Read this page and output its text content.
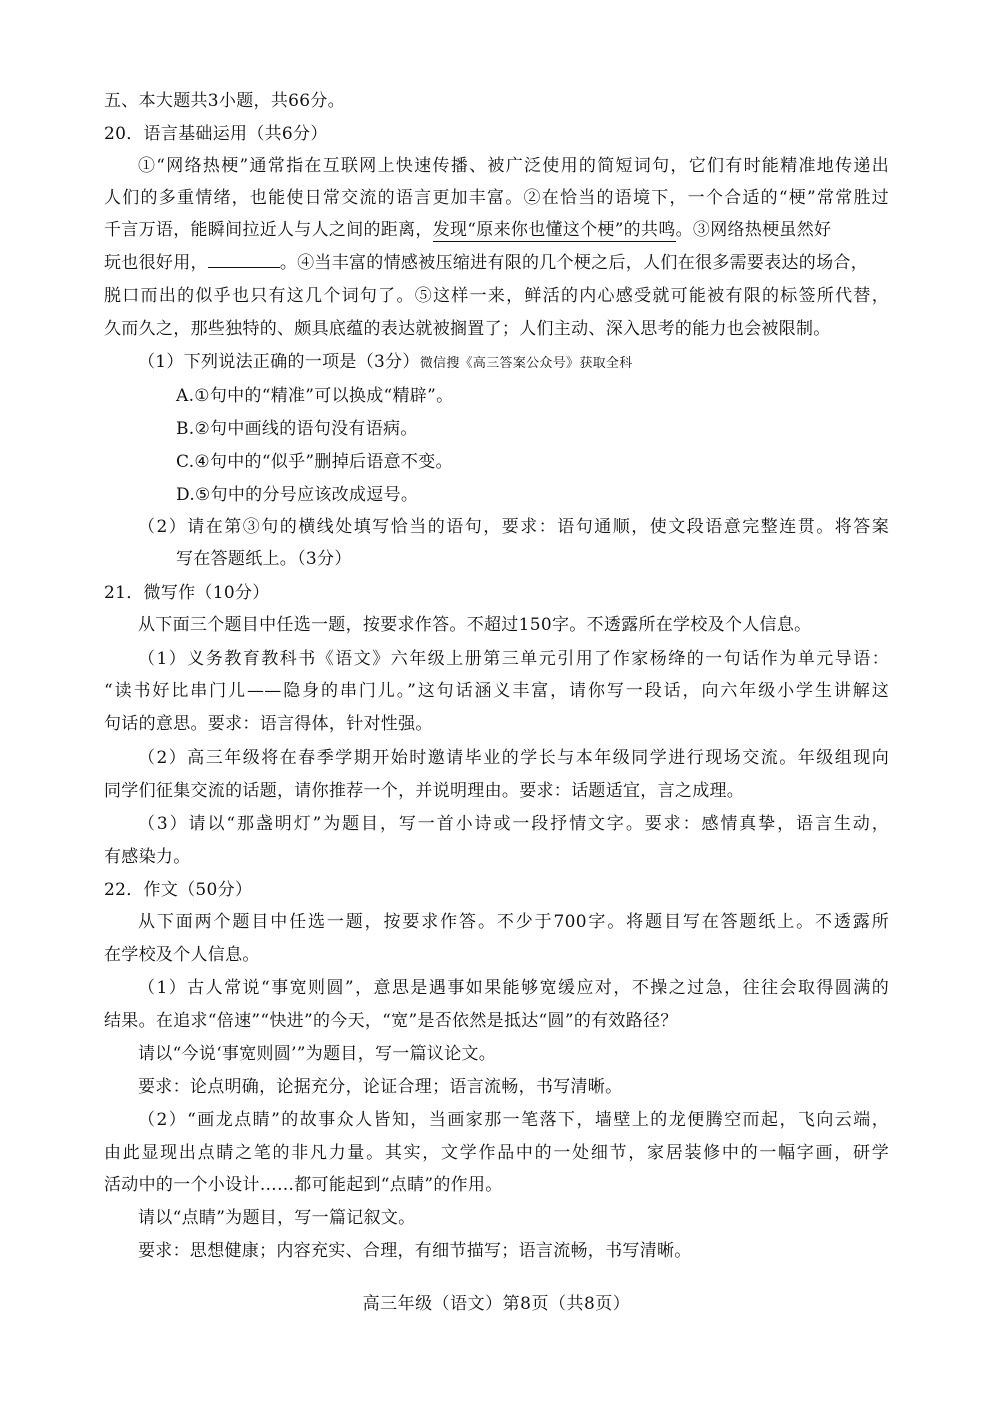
五、本大题共3小题，共66分。
20．语言基础运用（共6分）
①“网络热梗”通常指在互联网上快速传播、被广泛使用的简短词句，它们有时能精准地传递出
人们的多重情绪，也能使日常交流的语言更加丰富。②在恰当的语境下，一个合适的“梗”常常胜过
千言万语，能瞬间拉近人与人之间的距离，发现“原来你也懂这个梗”的共鸣。③网络热梗虽然好
玩也很好用，	。④当丰富的情感被压缩进有限的几个梗之后，人们在很多需要表达的场合，
脱口而出的似乎也只有这几个词句了。⑤这样一来，鲜活的内心感受就可能被有限的标签所代替，
久而久之，那些独特的、颇具底蕴的表达就被搁置了；人们主动、深入思考的能力也会被限制。
（1）下列说法正确的一项是（3分）微信搜《高三答案公众号》获取全科
A.①句中的“精准”可以换成“精辟”。
B.②句中画线的语句没有语病。
C.④句中的“似乎”删掉后语意不变。
D.⑤句中的分号应该改成逗号。
（2）请在第③句的横线处填写恰当的语句，要求：语句通顺，使文段语意完整连贯。将答案
写在答题纸上。（3分）
21．微写作（10分）
从下面三个题目中任选一题，按要求作答。不超过150字。不透露所在学校及个人信息。
（1）义务教育教科书《语文》六年级上册第三单元引用了作家杨绛的一句话作为单元导语：
“读书好比串门儿——隐身的串门儿。”这句话涵义丰富，请你写一段话，向六年级小学生讲解这
句话的意思。要求：语言得体，针对性强。
（2）高三年级将在春季学期开始时邀请毕业的学长与本年级同学进行现场交流。年级组现向
同学们征集交流的话题，请你推荐一个，并说明理由。要求：话题适宜，言之成理。
（3）请以“那盏明灯”为题目，写一首小诗或一段抒情文字。要求：感情真挚，语言生动，
有感染力。
22．作文（50分）
从下面两个题目中任选一题，按要求作答。不少于700字。将题目写在答题纸上。不透露所
在学校及个人信息。
（1）古人常说“事宽则圆”，意思是遇事如果能够宽缓应对，不操之过急，往往会取得圆满的
结果。在追求“倍速”“快进”的今天，“宽”是否依然是抵达“圆”的有效路径？
请以“今说‘事宽则圆’”为题目，写一篇议论文。
要求：论点明确，论据充分，论证合理；语言流畅，书写清晰。
（2）“画龙点睛”的故事众人皆知，当画家那一笔落下，墙壁上的龙便腾空而起，飞向云端，
由此显现出点睛之笔的非凡力量。其实，文学作品中的一处细节，家居装修中的一幅字画，研学
活动中的一个小设计……都可能起到“点睛”的作用。
请以“点睛”为题目，写一篇记叙文。
要求：思想健康；内容充实、合理，有细节描写；语言流畅，书写清晰。
高三年级（语文）第8页（共8页）
